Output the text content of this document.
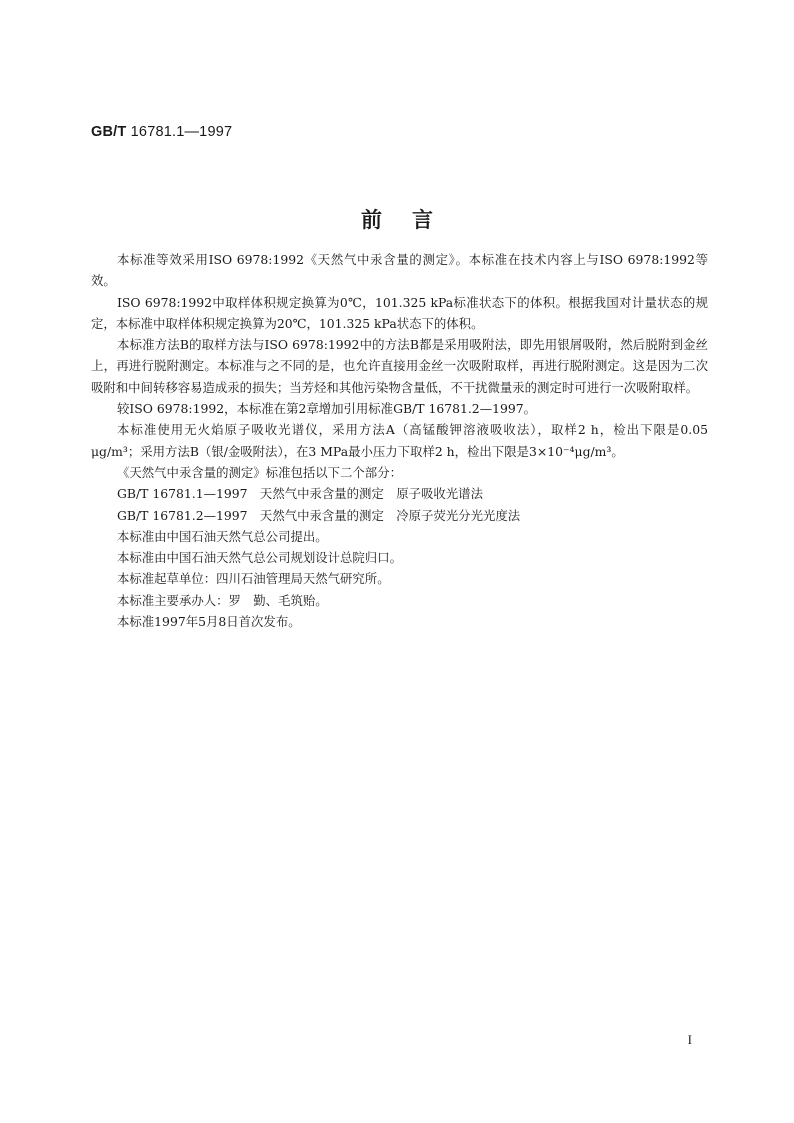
GB/T 16781.1—1997
前言

本标准等效采用ISO 6978:1992《天然气中汞含量的测定》。本标准在技术内容上与ISO 6978:1992等效。

ISO 6978:1992中取样体积规定换算为0℃，101.325 kPa标准状态下的体积。根据我国对计量状态的规定，本标准中取样体积规定换算为20℃，101.325 kPa状态下的体积。

本标准方法B的取样方法与ISO 6978:1992中的方法B都是采用吸附法，即先用银屑吸附，然后脱附到金丝上，再进行脱附测定。本标准与之不同的是，也允许直接用金丝一次吸附取样，再进行脱附测定。这是因为二次吸附和中间转移容易造成汞的损失；当芳烃和其他污染物含量低，不干扰微量汞的测定时可进行一次吸附取样。

较ISO 6978:1992，本标准在第2章增加引用标准GB/T 16781.2—1997。

本标准使用无火焰原子吸收光谱仪，采用方法A（高锰酸钾溶液吸收法），取样2 h，检出下限是0.05 μg/m³；采用方法B（银/金吸附法），在3 MPa最小压力下取样2 h，检出下限是3×10⁻⁴μg/m³。

《天然气中汞含量的测定》标准包括以下二个部分：

GB/T 16781.1—1997　天然气中汞含量的测定　原子吸收光谱法

GB/T 16781.2—1997　天然气中汞含量的测定　冷原子荧光分光光度法

本标准由中国石油天然气总公司提出。

本标准由中国石油天然气总公司规划设计总院归口。

本标准起草单位：四川石油管理局天然气研究所。

本标准主要承办人：罗　勤、毛筑贻。

本标准1997年5月8日首次发布。

I
